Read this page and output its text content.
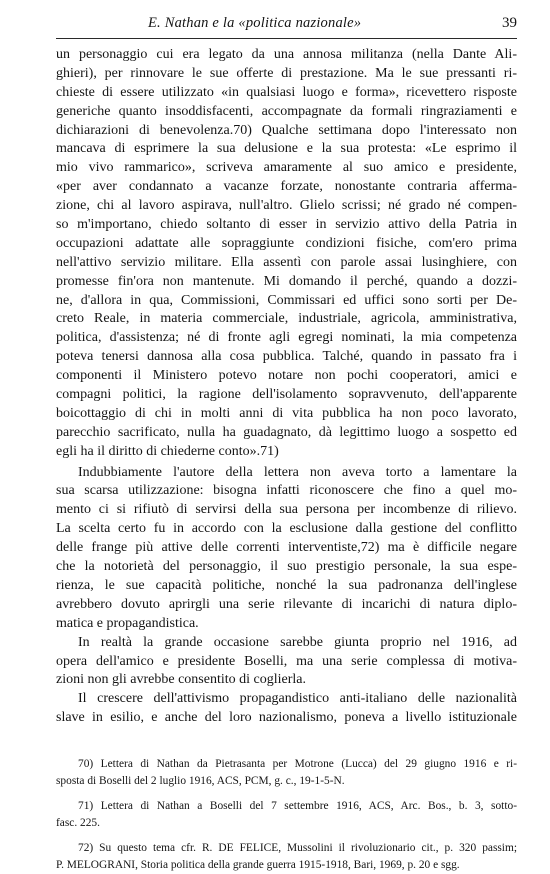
E. Nathan e la «politica nazionale»	39
un personaggio cui era legato da una annosa militanza (nella Dante Ali-
ghieri), per rinnovare le sue offerte di prestazione. Ma le sue pressanti ri-
chieste di essere utilizzato «in qualsiasi luogo e forma», ricevettero risposte
generiche quanto insoddisfacenti, accompagnate da formali ringraziamenti e
dichiarazioni di benevolenza.70) Qualche settimana dopo l'interessato non
mancava di esprimere la sua delusione e la sua protesta: «Le esprimo il
mio vivo rammarico», scriveva amaramente al suo amico e presidente,
«per aver condannato a vacanze forzate, nonostante contraria afferma-
zione, chi al lavoro aspirava, null'altro. Glielo scrissi; né grado né compen-
so m'importano, chiedo soltanto di esser in servizio attivo della Patria in
occupazioni adattate alle sopraggiunte condizioni fisiche, com'ero prima
nell'attivo servizio militare. Ella assentì con parole assai lusinghiere, con
promesse fin'ora non mantenute. Mi domando il perché, quando a dozzi-
ne, d'allora in qua, Commissioni, Commissari ed uffici sono sorti per De-
creto Reale, in materia commerciale, industriale, agricola, amministrativa,
politica, d'assistenza; né di fronte agli egregi nominati, la mia competenza
poteva tenersi dannosa alla cosa pubblica. Talché, quando in passato fra i
componenti il Ministero potevo notare non pochi cooperatori, amici e
compagni politici, la ragione dell'isolamento sopravvenuto, dell'apparente
boicottaggio di chi in molti anni di vita pubblica ha non poco lavorato,
parecchio sacrificato, nulla ha guadagnato, dà legittimo luogo a sospetto ed
egli ha il diritto di chiederne conto».71)
Indubbiamente l'autore della lettera non aveva torto a lamentare la
sua scarsa utilizzazione: bisogna infatti riconoscere che fino a quel mo-
mento ci si rifiutò di servirsi della sua persona per incombenze di rilievo.
La scelta certo fu in accordo con la esclusione dalla gestione del conflitto
delle frange più attive delle correnti interventiste,72) ma è difficile negare
che la notorietà del personaggio, il suo prestigio personale, la sua espe-
rienza, le sue capacità politiche, nonché la sua padronanza dell'inglese
avrebbero dovuto aprirgli una serie rilevante di incarichi di natura diplo-
matica e propagandistica.
In realtà la grande occasione sarebbe giunta proprio nel 1916, ad
opera dell'amico e presidente Boselli, ma una serie complessa di motiva-
zioni non gli avrebbe consentito di coglierla.
Il crescere dell'attivismo propagandistico anti-italiano delle nazionalità
slave in esilio, e anche del loro nazionalismo, poneva a livello istituzionale
70) Lettera di Nathan da Pietrasanta per Motrone (Lucca) del 29 giugno 1916 e ri-
sposta di Boselli del 2 luglio 1916, ACS, PCM, g. c., 19-1-5-N.
71) Lettera di Nathan a Boselli del 7 settembre 1916, ACS, Arc. Bos., b. 3, sotto-
fasc. 225.
72) Su questo tema cfr. R. DE FELICE, Mussolini il rivoluzionario cit., p. 320 passim;
P. MELOGRANI, Storia politica della grande guerra 1915-1918, Bari, 1969, p. 20 e sgg.
